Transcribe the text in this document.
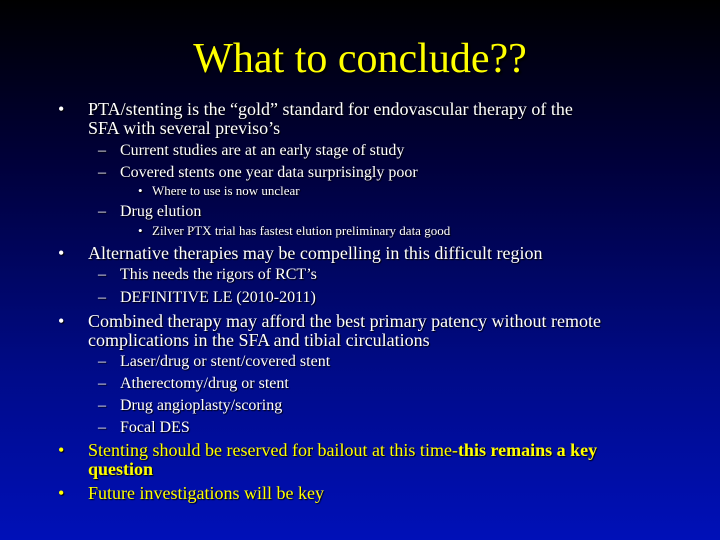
What to conclude??
• PTA/stenting is the “gold” standard for endovascular therapy of the
SFA with several previso’s
– Current studies are at an early stage of study
– Covered stents one year data surprisingly poor
• Where to use is now unclear
– Drug elution
• Zilver PTX trial has fastest elution preliminary data good
• Alternative therapies may be compelling in this difficult region
– This needs the rigors of RCT’s
– DEFINITIVE LE (2010-2011)
• Combined therapy may afford the best primary patency without remote
complications in the SFA and tibial circulations
– Laser/drug or stent/covered stent
– Atherectomy/drug or stent
– Drug angioplasty/scoring
– Focal DES
• Stenting should be reserved for bailout at this time-this remains a key
question
• Future investigations will be key
